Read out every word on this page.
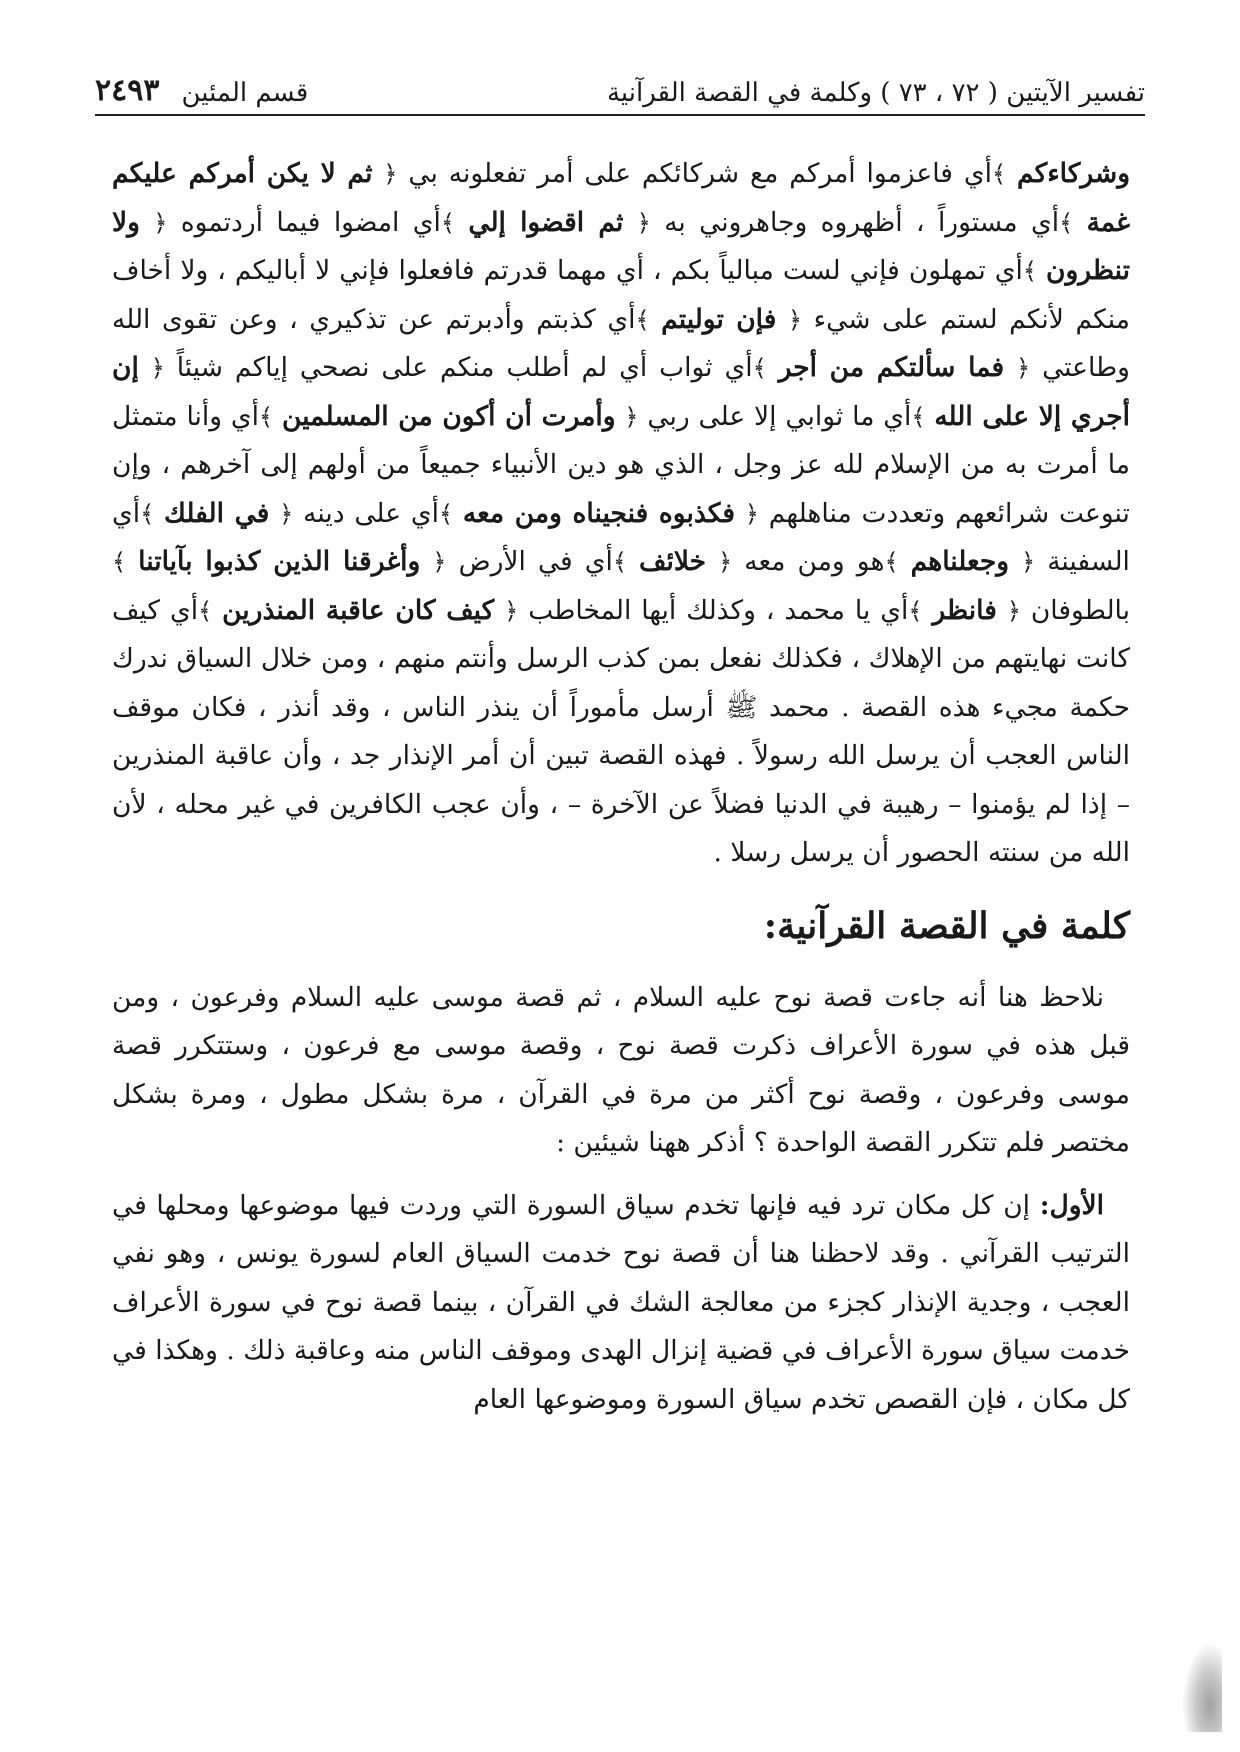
تفسير الآيتين ( ٧٢ ، ٧٣ ) وكلمة في القصة القرآنية
قسم المئين
٢٤٩٣

وشركاءكم ﴾أي فاعزموا أمركم مع شركائكم على أمر تفعلونه بي ﴿ ثم لا يكن أمركم عليكم غمة ﴾أي مستوراً ، أظهروه وجاهروني به ﴿ ثم اقضوا إلي ﴾أي امضوا فيما أردتموه ﴿ ولا تنظرون ﴾أي تمهلون فإني لست مبالياً بكم ، أي مهما قدرتم فافعلوا فإني لا أباليكم ، ولا أخاف منكم لأنكم لستم على شيء ﴿ فإن توليتم ﴾أي كذبتم وأدبرتم عن تذكيري ، وعن تقوى الله وطاعتي ﴿ فما سألتكم من أجر ﴾أي ثواب أي لم أطلب منكم على نصحي إياكم شيئاً ﴿ إن أجري إلا على الله ﴾أي ما ثوابي إلا على ربي ﴿ وأمرت أن أكون من المسلمين ﴾أي وأنا متمثل ما أمرت به من الإسلام لله عز وجل ، الذي هو دين الأنبياء جميعاً من أولهم إلى آخرهم ، وإن تنوعت شرائعهم وتعددت مناهلهم ﴿ فكذبوه فنجيناه ومن معه ﴾أي على دينه ﴿ في الفلك ﴾أي السفينة ﴿ وجعلناهم ﴾هو ومن معه ﴿ خلائف ﴾أي في الأرض ﴿ وأغرقنا الذين كذبوا بآياتنا ﴾بالطوفان ﴿ فانظر ﴾أي يا محمد ، وكذلك أيها المخاطب ﴿ كيف كان عاقبة المنذرين ﴾أي كيف كانت نهايتهم من الإهلاك ، فكذلك نفعل بمن كذب الرسل وأنتم منهم ، ومن خلال السياق ندرك حكمة مجيء هذه القصة . محمد ﷺ أرسل مأموراً أن ينذر الناس ، وقد أنذر ، فكان موقف الناس العجب أن يرسل الله رسولاً . فهذه القصة تبين أن أمر الإنذار جد ، وأن عاقبة المنذرين – إذا لم يؤمنوا – رهيبة في الدنيا فضلاً عن الآخرة – ، وأن عجب الكافرين في غير محله ، لأن الله من سنته الحصور أن يرسل رسلا .

كلمة في القصة القرآنية:

نلاحظ هنا أنه جاءت قصة نوح عليه السلام ، ثم قصة موسى عليه السلام وفرعون ، ومن قبل هذه في سورة الأعراف ذكرت قصة نوح ، وقصة موسى مع فرعون ، وستتكرر قصة موسى وفرعون ، وقصة نوح أكثر من مرة في القرآن ، مرة بشكل مطول ، ومرة بشكل مختصر فلم تتكرر القصة الواحدة ؟ أذكر ههنا شيئين :

الأول: إن كل مكان ترد فيه فإنها تخدم سياق السورة التي وردت فيها موضوعها ومحلها في الترتيب القرآني . وقد لاحظنا هنا أن قصة نوح خدمت السياق العام لسورة يونس ، وهو نفي العجب ، وجدية الإنذار كجزء من معالجة الشك في القرآن ، بينما قصة نوح في سورة الأعراف خدمت سياق سورة الأعراف في قضية إنزال الهدى وموقف الناس منه وعاقبة ذلك . وهكذا في كل مكان ، فإن القصص تخدم سياق السورة وموضوعها العام
